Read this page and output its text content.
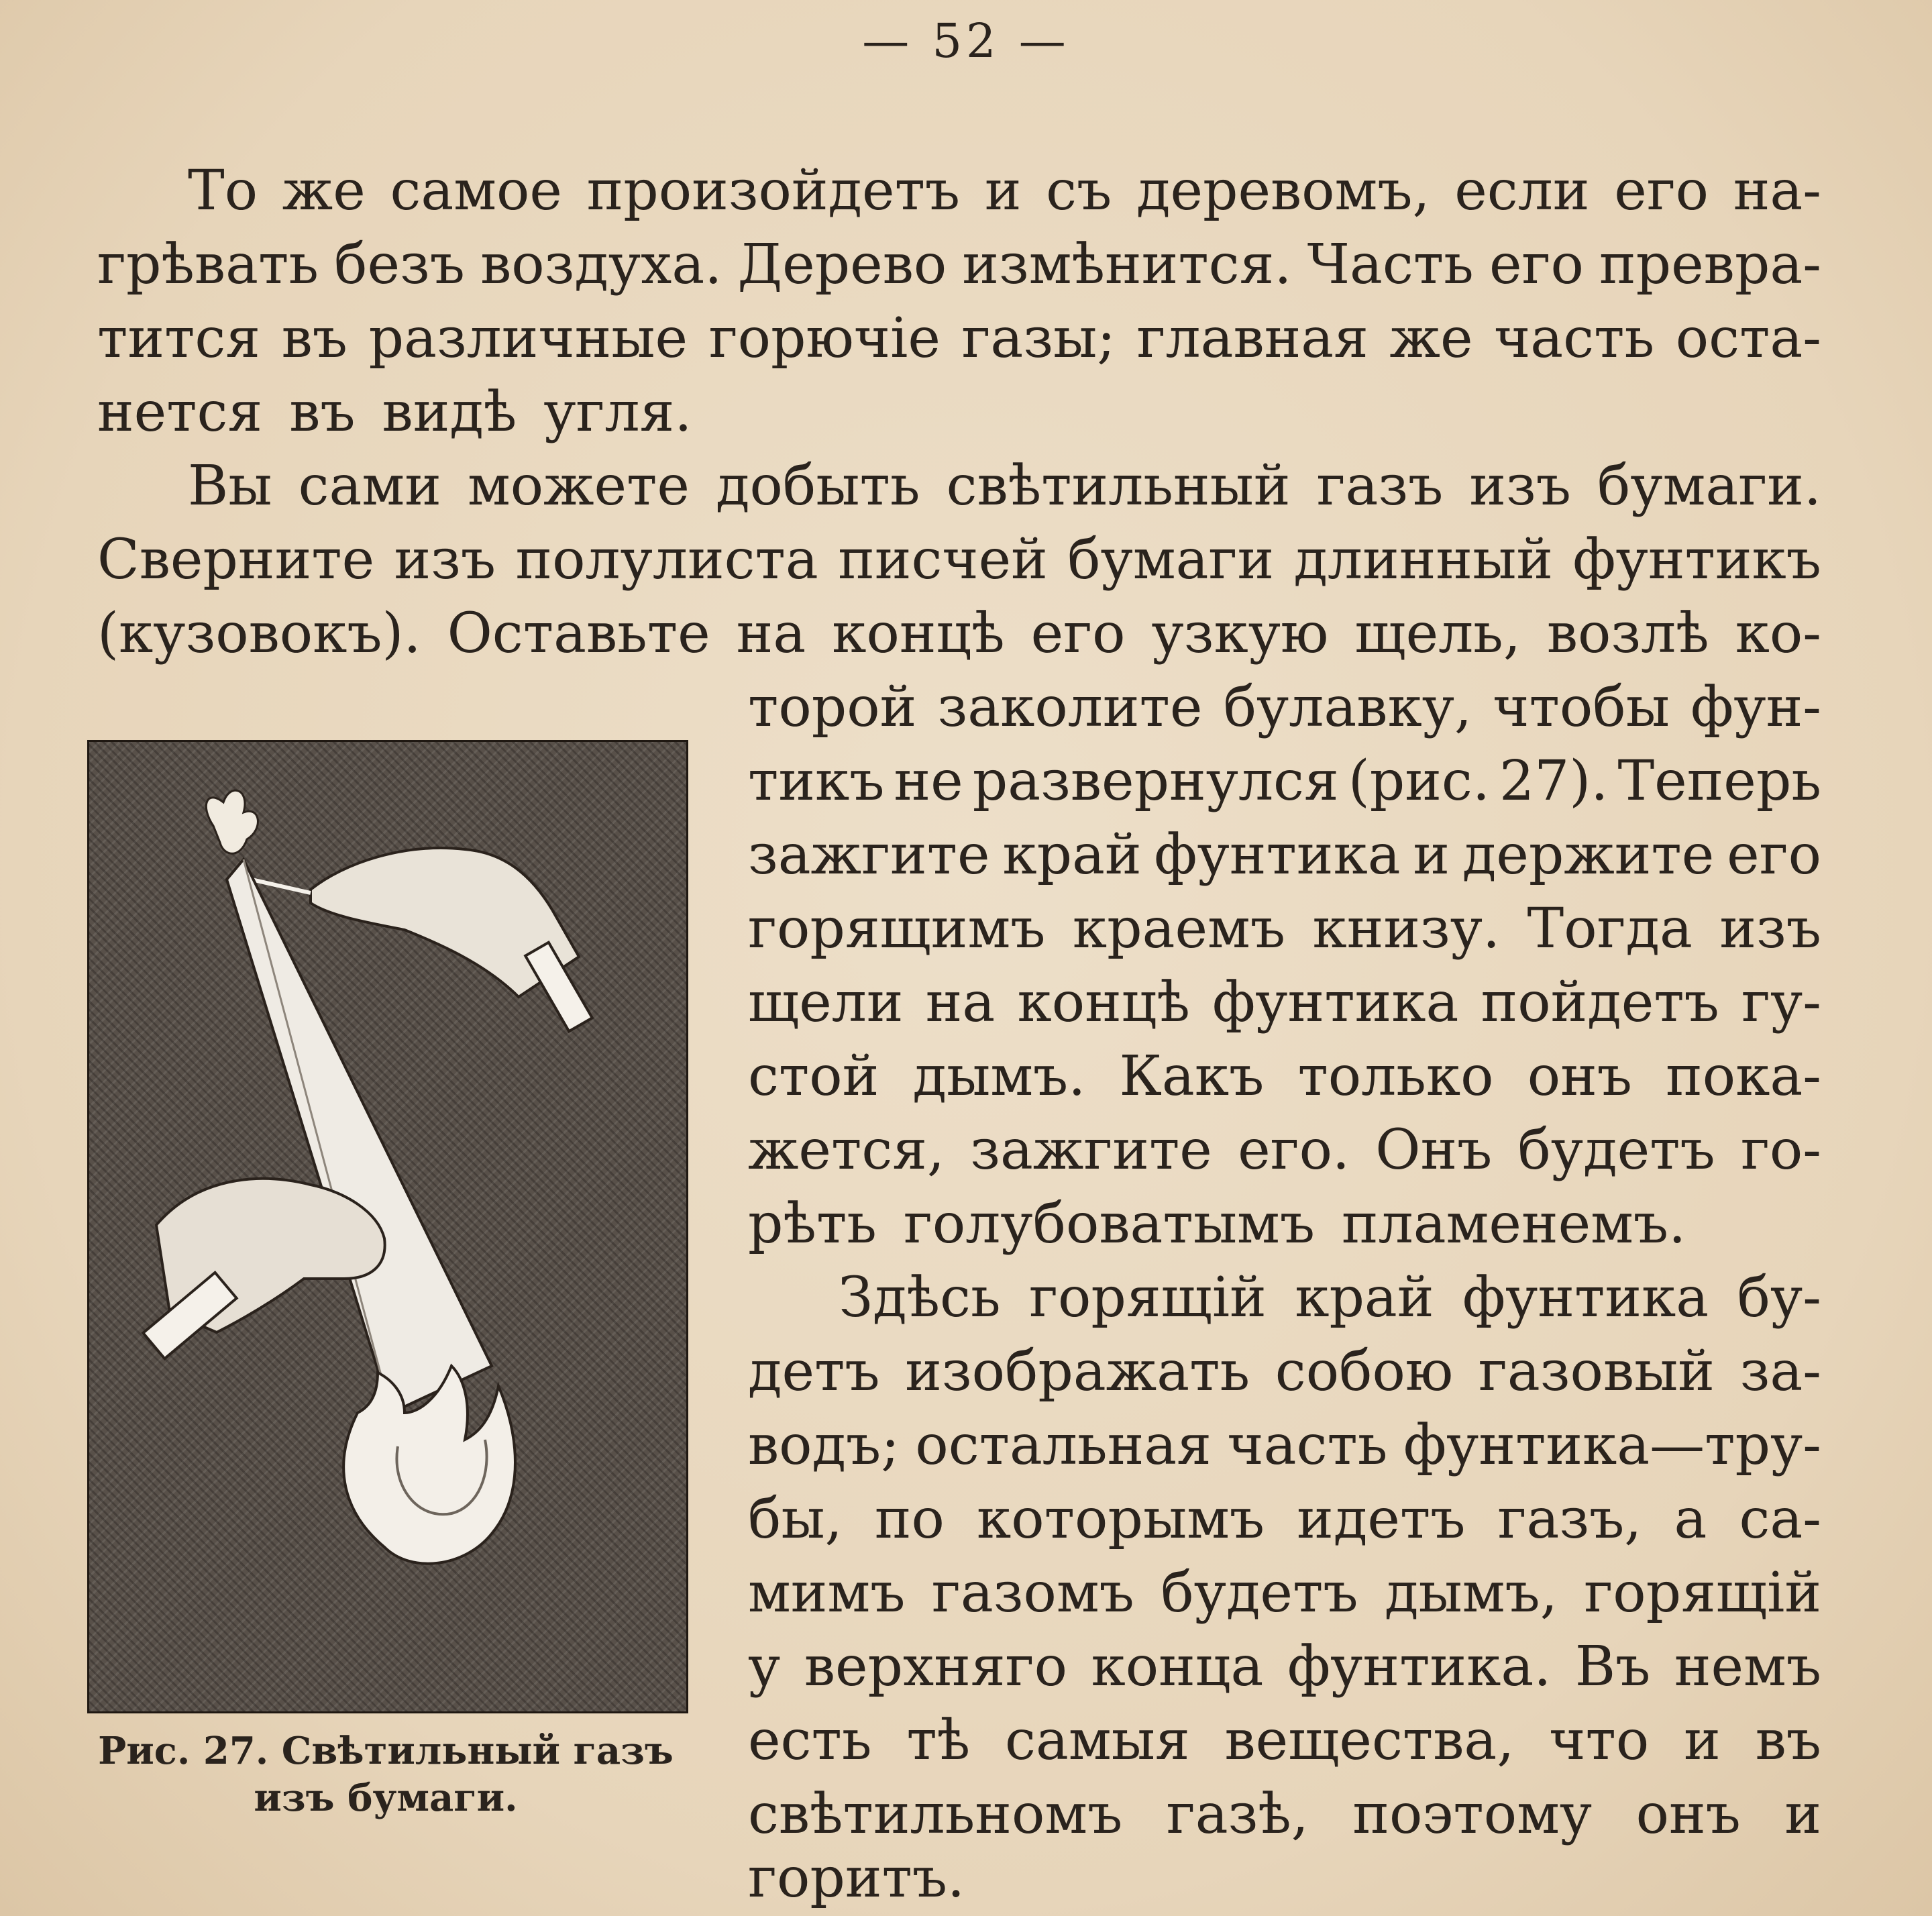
— 52 —
То же самое произойдетъ и съ деревомъ, если его на-
грѣвать безъ воздуха. Дерево измѣнится. Часть его превра-
тится въ различные горючіе газы; главная же часть оста-
нется въ видѣ угля.
Вы сами можете добыть свѣтильный газъ изъ бумаги.
Сверните изъ полулиста писчей бумаги длинный фунтикъ
(кузовокъ). Оставьте на концѣ его узкую щель, возлѣ ко-
торой заколите булавку, чтобы фун-
тикъ не развернулся (рис. 27). Теперь
зажгите край фунтика и держите его
горящимъ краемъ книзу. Тогда изъ
щели на концѣ фунтика пойдетъ гу-
стой дымъ. Какъ только онъ пока-
жется, зажгите его. Онъ будетъ го-
рѣть голубоватымъ пламенемъ.
Здѣсь горящій край фунтика бу-
детъ изображать собою газовый за-
водъ; остальная часть фунтика—тру-
бы, по которымъ идетъ газъ, а са-
мимъ газомъ будетъ дымъ, горящій
у верхняго конца фунтика. Въ немъ
есть тѣ самыя вещества, что и въ
свѣтильномъ газѣ, поэтому онъ и
горитъ.
Рис. 27. Свѣтильный газъ
изъ бумаги.
